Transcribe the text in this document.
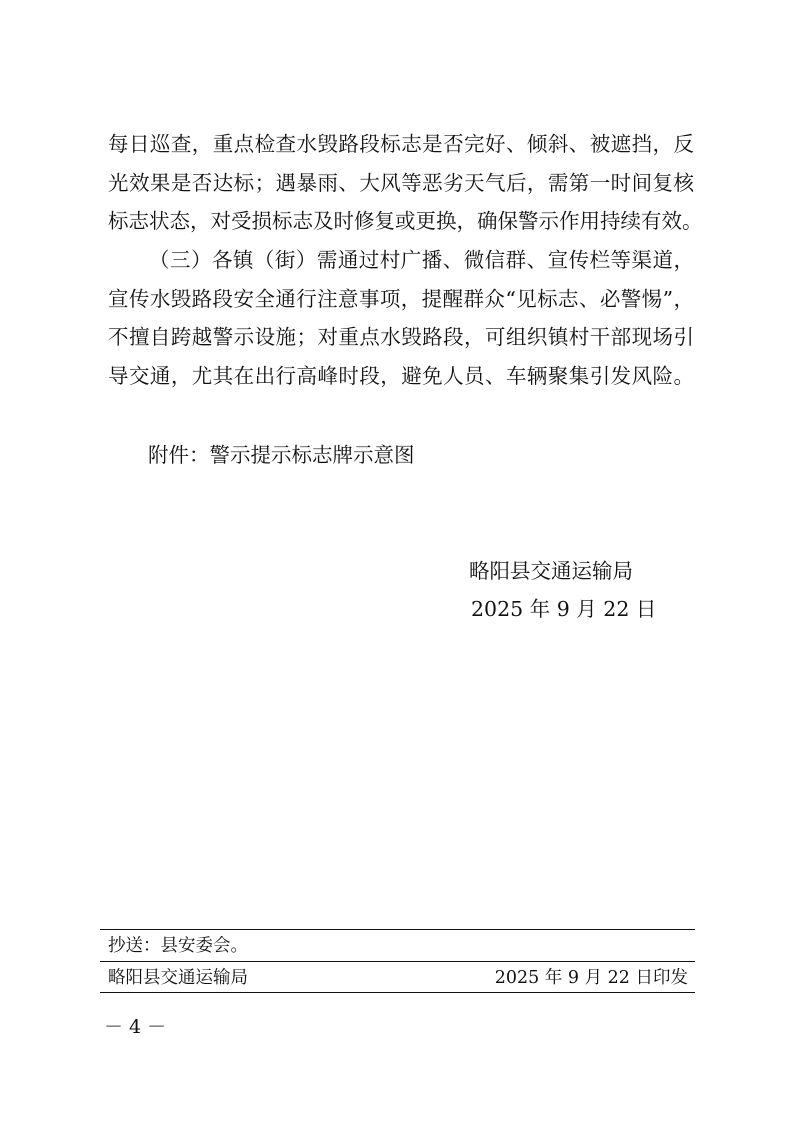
每日巡查，重点检查水毁路段标志是否完好、倾斜、被遮挡，反
光效果是否达标；遇暴雨、大风等恶劣天气后，需第一时间复核
标志状态，对受损标志及时修复或更换，确保警示作用持续有效。
（三）各镇（街）需通过村广播、微信群、宣传栏等渠道，
宣传水毁路段安全通行注意事项，提醒群众“见标志、必警惕”，
不擅自跨越警示设施；对重点水毁路段，可组织镇村干部现场引
导交通，尤其在出行高峰时段，避免人员、车辆聚集引发风险。
附件：警示提示标志牌示意图
略阳县交通运输局
2025 年 9 月 22 日
抄送：县安委会。
略阳县交通运输局	2025 年 9 月 22 日印发
－ 4 －
